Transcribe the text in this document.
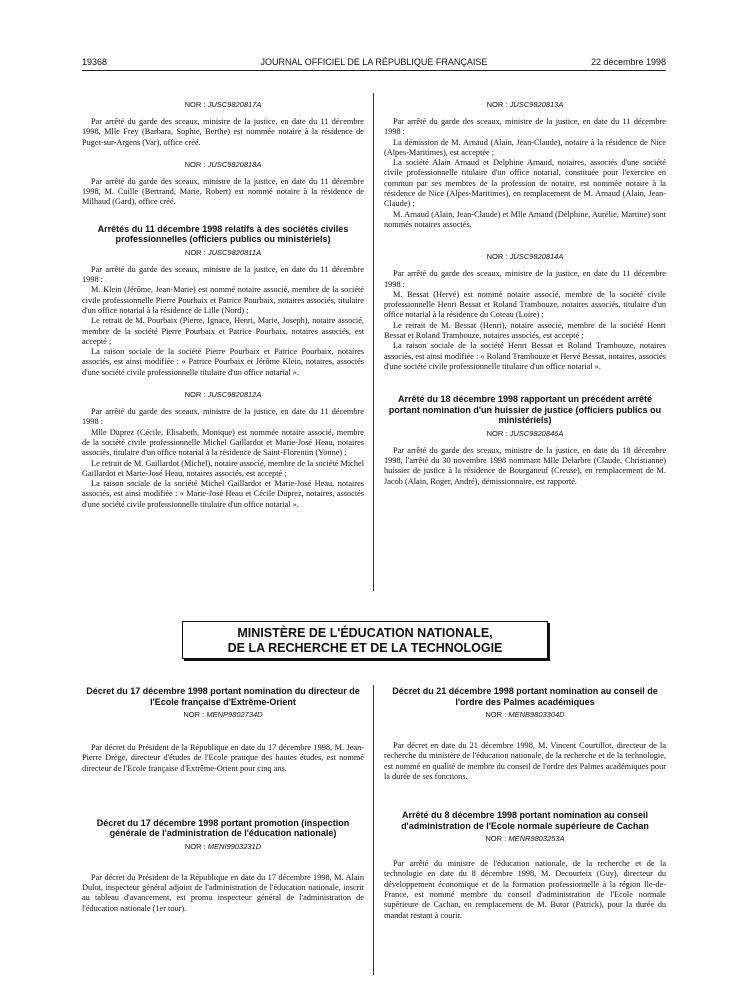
19368	JOURNAL OFFICIEL DE LA RÉPUBLIQUE FRANÇAISE	22 décembre 1998
NOR : JUSC9820817A

Par arrêté du garde des sceaux, ministre de la justice, en date du 11 décembre 1998, Mlle Frey (Barbara, Sophie, Berthe) est nommée notaire à la résidence de Puget-sur-Argens (Var), office créé.

NOR : JUSC9820818A

Par arrêté du garde des sceaux, ministre de la justice, en date du 11 décembre 1998, M. Cuille (Bertrand, Marie, Robert) est nommé notaire à la résidence de Milhaud (Gard), office créé.

Arrêtés du 11 décembre 1998 relatifs à des sociétés civiles professionnelles (officiers publics ou ministériels)
NOR : JUSC9820811A

Par arrêté du garde des sceaux, ministre de la justice, en date du 11 décembre 1998 :

M. Klein (Jérôme, Jean-Marie) est nommé notaire associé, membre de la société civile professionnelle Pierre Pourbaix et Patrice Pourbaix, notaires associés, titulaire d'un office notarial à la résidence de Lille (Nord) ;

Le retrait de M. Pourbaix (Pierre, Ignace, Henri, Marie, Joseph), notaire associé, membre de la société Pierre Pourbaix et Patrice Pourbaix, notaires associés, est accepté ;

La raison sociale de la société Pierre Pourbaix et Patrice Pourbaix, notaires associés, est ainsi modifiée : « Patrice Pourbaix et Jérôme Klein, notaires, associés d'une société civile professionnelle titulaire d'un office notarial ».

NOR : JUSC9820812A

Par arrêté du garde des sceaux, ministre de la justice, en date du 11 décembre 1998 :

Mlle Duprez (Cécile, Elisabeth, Monique) est nommée notaire associé, membre de la société civile professionnelle Michel Gaillardot et Marie-José Heau, notaires associés, titulaire d'un office notarial à la résidence de Saint-Florentin (Yonne) ;

Le retrait de M. Gaillardot (Michel), notaire associé, membre de la société Michel Gaillardot et Marie-José Heau, notaires associés, est accepté ;

La raison sociale de la société Michel Gaillardot et Marie-José Heau, notaires associés, est ainsi modifiée : « Marie-José Heau et Cécile Duprez, notaires, associés d'une société civile professionnelle titulaire d'un office notarial ».

NOR : JUSC9820813A

Par arrêté du garde des sceaux, ministre de la justice, en date du 11 décembre 1998 :

La démission de M. Arnaud (Alain, Jean-Claude), notaire à la résidence de Nice (Alpes-Maritimes), est acceptée ;

La société Alain Arnaud et Delphine Arnaud, notaires, associés d'une société civile professionnelle titulaire d'un office notarial, constituée pour l'exercice en commun par ses membres de la profession de notaire, est nommée notaire à la résidence de Nice (Alpes-Maritimes), en remplacement de M. Arnaud (Alain, Jean-Claude) ;

M. Arnaud (Alain, Jean-Claude) et Mlle Arnaud (Delphine, Aurélie, Martine) sont nommés notaires associés.

NOR : JUSC9820814A

Par arrêté du garde des sceaux, ministre de la justice, en date du 11 décembre 1998 :

M. Bessat (Hervé) est nommé notaire associé, membre de la société civile professionnelle Henri Bessat et Roland Trambouze, notaires associés, titulaire d'un office notarial à la résidence du Coteau (Loire) ;

Le retrait de M. Bessat (Henri), notaire associé, membre de la société Henri Bessat et Roland Trambouze, notaires associés, est accepté ;

La raison sociale de la société Henri Bessat et Roland Trambouze, notaires associés, est ainsi modifiée : « Roland Trambouze et Hervé Bessat, notaires, associés d'une société civile professionnelle titulaire d'un office notarial ».

Arrêté du 18 décembre 1998 rapportant un précédent arrêté portant nomination d'un huissier de justice (officiers publics ou ministériels)
NOR : JUSC9820846A

Par arrêté du garde des sceaux, ministre de la justice, en date du 18 décembre 1998, l'arrêté du 30 novembre 1998 nommant Mlle Delarbre (Claude, Christianne) huissier de justice à la résidence de Bourganeuf (Creuse), en remplacement de M. Jacob (Alain, Roger, André), démissionnaire, est rapporté.

MINISTÈRE DE L'ÉDUCATION NATIONALE,
DE LA RECHERCHE ET DE LA TECHNOLOGIE
Décret du 17 décembre 1998 portant nomination du directeur de l'Ecole française d'Extrême-Orient
NOR : MENP9802734D

Par décret du Président de la République en date du 17 décembre 1998, M. Jean-Pierre Drège, directeur d'études de l'Ecole pratique des hautes études, est nommé directeur de l'Ecole française d'Extrême-Orient pour cinq ans.

Décret du 17 décembre 1998 portant promotion (inspection générale de l'administration de l'éducation nationale)
NOR : MENI9903231D

Par décret du Président de la République en date du 17 décembre 1998, M. Alain Dulot, inspecteur général adjoint de l'administration de l'éducation nationale, inscrit au tableau d'avancement, est promu inspecteur général de l'administration de l'éducation nationale (1er tour).

Décret du 21 décembre 1998 portant nomination au conseil de l'ordre des Palmes académiques
NOR : MENB9803304D

Par décret en date du 21 décembre 1998, M. Vincent Courtillot, directeur de la recherche du ministère de l'éducation nationale, de la recherche et de la technologie, est nommé en qualité de membre du conseil de l'ordre des Palmes académiques pour la durée de ses fonctions.

Arrêté du 8 décembre 1998 portant nomination au conseil d'administration de l'Ecole normale supérieure de Cachan
NOR : MENR9803253A

Par arrêté du ministre de l'éducation nationale, de la recherche et de la technologie en date du 8 décembre 1998, M. Decourteix (Guy), directeur du développement économique et de la formation professionnelle à la région Ile-de-France, est nommé membre du conseil d'administration de l'Ecole normale supérieure de Cachan, en remplacement de M. Butor (Patrick), pour la durée du mandat restant à courir.
